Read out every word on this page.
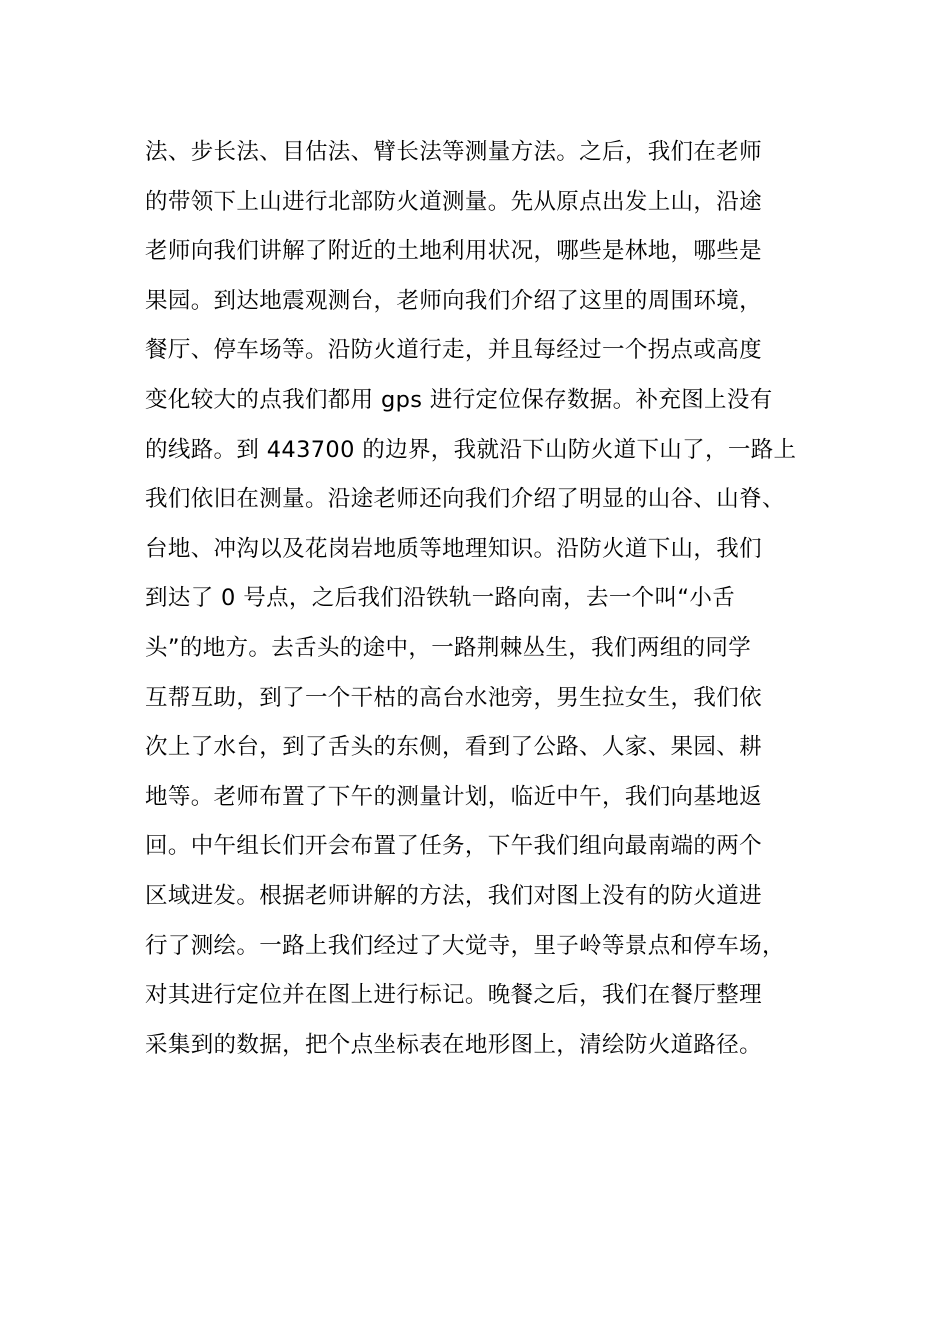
法、步长法、目估法、臂长法等测量方法。之后，我们在老师
的带领下上山进行北部防火道测量。先从原点出发上山，沿途
老师向我们讲解了附近的土地利用状况，哪些是林地，哪些是
果园。到达地震观测台，老师向我们介绍了这里的周围环境，
餐厅、停车场等。沿防火道行走，并且每经过一个拐点或高度
变化较大的点我们都用 gps 进行定位保存数据。补充图上没有
的线路。到 443700 的边界，我就沿下山防火道下山了，一路上
我们依旧在测量。沿途老师还向我们介绍了明显的山谷、山脊、
台地、冲沟以及花岗岩地质等地理知识。沿防火道下山，我们
到达了 0 号点，之后我们沿铁轨一路向南，去一个叫“小舌
头”的地方。去舌头的途中，一路荆棘丛生，我们两组的同学
互帮互助，到了一个干枯的高台水池旁，男生拉女生，我们依
次上了水台，到了舌头的东侧，看到了公路、人家、果园、耕
地等。老师布置了下午的测量计划，临近中午，我们向基地返
回。中午组长们开会布置了任务，下午我们组向最南端的两个
区域进发。根据老师讲解的方法，我们对图上没有的防火道进
行了测绘。一路上我们经过了大觉寺，里子岭等景点和停车场，
对其进行定位并在图上进行标记。晚餐之后，我们在餐厅整理
采集到的数据，把个点坐标表在地形图上，清绘防火道路径。
